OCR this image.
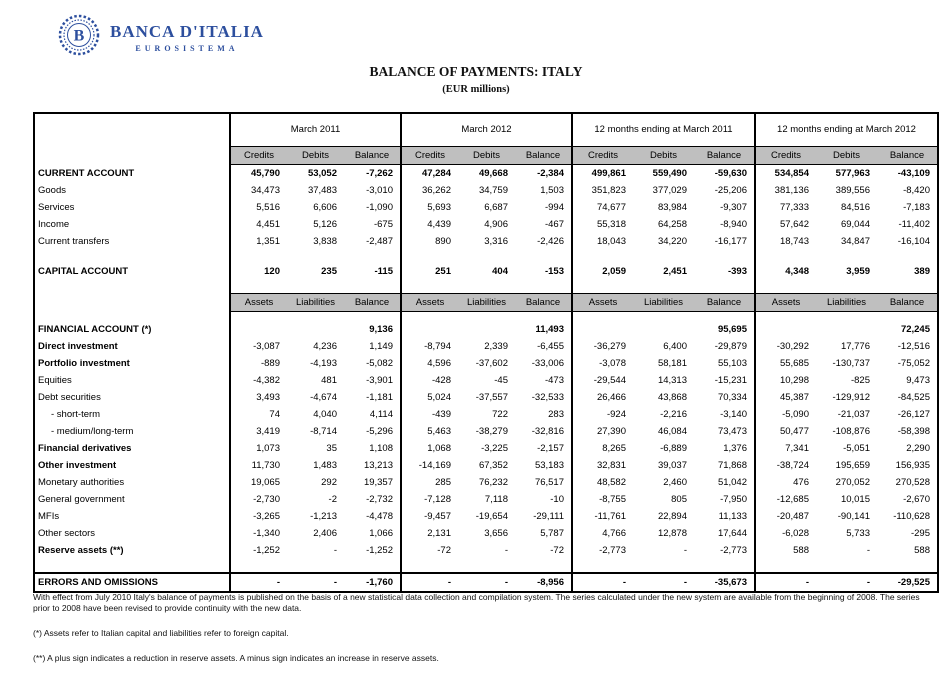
B BANCA D'ITALIA
EUROSISTEMA
BALANCE OF PAYMENTS: ITALY
(EUR millions)
	March 2011			March 2012			12 months ending at March 2011			12 months ending at March 2012		
	Credits	Debits	Balance	Credits	Debits	Balance	Credits	Debits	Balance	Credits	Debits	Balance
CURRENT ACCOUNT	45,790	53,052	-7,262	47,284	49,668	-2,384	499,861	559,490	-59,630	534,854	577,963	-43,109
Goods	34,473	37,483	-3,010	36,262	34,759	1,503	351,823	377,029	-25,206	381,136	389,556	-8,420
Services	5,516	6,606	-1,090	5,693	6,687	-994	74,677	83,984	-9,307	77,333	84,516	-7,183
Income	4,451	5,126	-675	4,439	4,906	-467	55,318	64,258	-8,940	57,642	69,044	-11,402
Current transfers	1,351	3,838	-2,487	890	3,316	-2,426	18,043	34,220	-16,177	18,743	34,847	-16,104

CAPITAL ACCOUNT	120	235	-115	251	404	-153	2,059	2,451	-393	4,348	3,959	389

	Assets	Liabilities	Balance	Assets	Liabilities	Balance	Assets	Liabilities	Balance	Assets	Liabilities	Balance

FINANCIAL ACCOUNT (*)			9,136			11,493			95,695			72,245
Direct investment	-3,087	4,236	1,149	-8,794	2,339	-6,455	-36,279	6,400	-29,879	-30,292	17,776	-12,516
Portfolio investment	-889	-4,193	-5,082	4,596	-37,602	-33,006	-3,078	58,181	55,103	55,685	-130,737	-75,052
Equities	-4,382	481	-3,901	-428	-45	-473	-29,544	14,313	-15,231	10,298	-825	9,473
Debt securities	3,493	-4,674	-1,181	5,024	-37,557	-32,533	26,466	43,868	70,334	45,387	-129,912	-84,525
- short-term	74	4,040	4,114	-439	722	283	-924	-2,216	-3,140	-5,090	-21,037	-26,127
- medium/long-term	3,419	-8,714	-5,296	5,463	-38,279	-32,816	27,390	46,084	73,473	50,477	-108,876	-58,398
Financial derivatives	1,073	35	1,108	1,068	-3,225	-2,157	8,265	-6,889	1,376	7,341	-5,051	2,290
Other investment	11,730	1,483	13,213	-14,169	67,352	53,183	32,831	39,037	71,868	-38,724	195,659	156,935
Monetary authorities	19,065	292	19,357	285	76,232	76,517	48,582	2,460	51,042	476	270,052	270,528
General government	-2,730	-2	-2,732	-7,128	7,118	-10	-8,755	805	-7,950	-12,685	10,015	-2,670
MFIs	-3,265	-1,213	-4,478	-9,457	-19,654	-29,111	-11,761	22,894	11,133	-20,487	-90,141	-110,628
Other sectors	-1,340	2,406	1,066	2,131	3,656	5,787	4,766	12,878	17,644	-6,028	5,733	-295
Reserve assets (**)	-1,252	-	-1,252	-72	-	-72	-2,773	-	-2,773	588	-	588

ERRORS AND OMISSIONS	-	-	-1,760	-	-	-8,956	-	-	-35,673	-	-	-29,525

With effect from July 2010 Italy's balance of payments is published on the basis of a new statistical data collection and compilation system. The series calculated under the new system are available from the beginning of 2008. The series prior to 2008 have been revised to provide continuity with the new data.

(*) Assets refer to Italian capital and liabilities refer to foreign capital.

(**) A plus sign indicates a reduction in reserve assets. A minus sign indicates an increase in reserve assets.
